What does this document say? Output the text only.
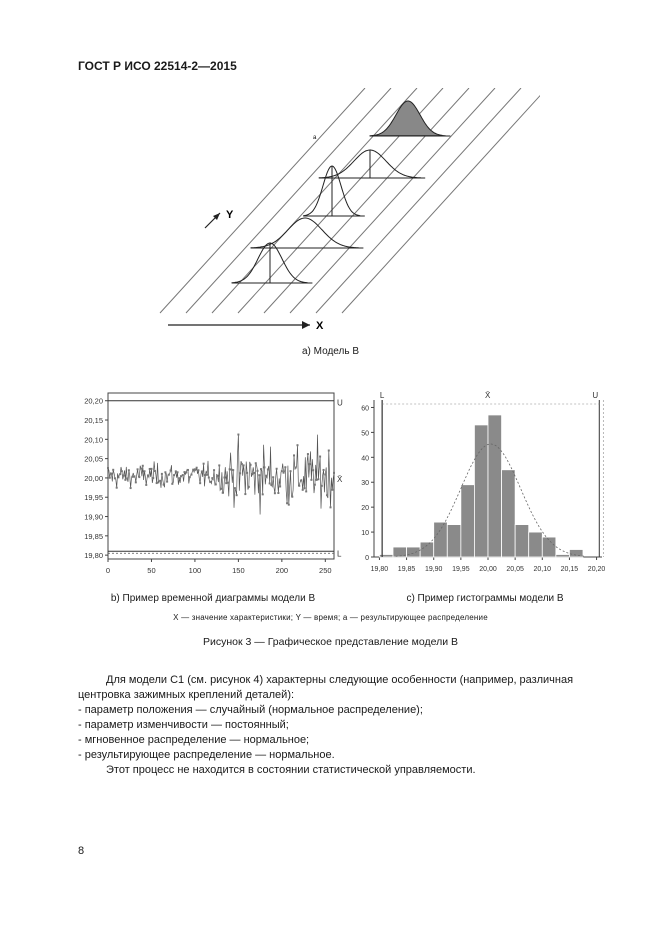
ГОСТ Р ИСО 22514-2—2015
Y
X
a
а) Модель В
20,20
20,15
20,10
20,05
20,00
19,95
19,90
19,85
19,80
0	50	100	150	200	250
U
L
X̄
b) Пример временной диаграммы модели В
60
50
40
30
20
10
0
19,80 19,85 19,90 19,95 20,00 20,05 20,10 20,15 20,20
L	U
X̄
с) Пример гистограммы модели В
X — значение характеристики; Y — время; а — результирующее распределение
Рисунок 3 — Графическое представление модели В

Для модели C1 (см. рисунок 4) характерны следующие особенности (например, различная центровка зажимных креплений деталей):

- параметр положения — случайный (нормальное распределение);

- параметр изменчивости — постоянный;

- мгновенное распределение — нормальное;

- результирующее распределение — нормальное.

Этот процесс не находится в состоянии статистической управляемости.

8
